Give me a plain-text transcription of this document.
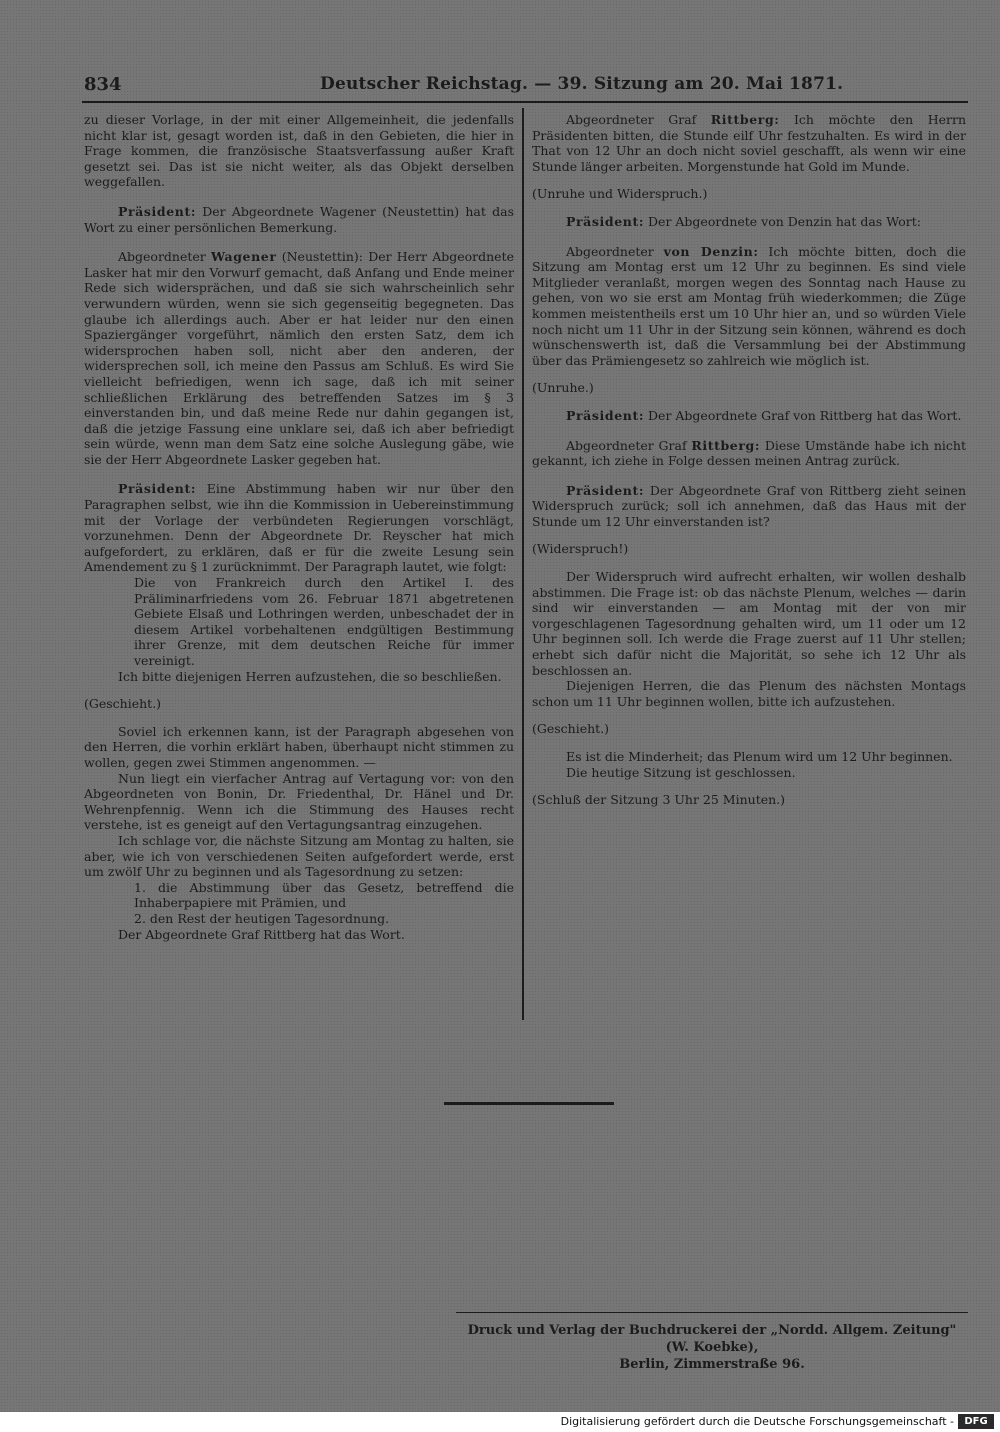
834	Deutscher Reichstag. — 39. Sitzung am 20. Mai 1871.

zu dieser Vorlage, in der mit einer Allgemeinheit, die jedenfalls nicht klar ist, gesagt worden ist, daß in den Gebieten, die hier in Frage kommen, die französische Staatsverfassung außer Kraft gesetzt sei. Das ist sie nicht weiter, als das Objekt derselben weggefallen.

Präsident: Der Abgeordnete Wagener (Neustettin) hat das Wort zu einer persönlichen Bemerkung.

Abgeordneter Wagener (Neustettin): Der Herr Abgeordnete Lasker hat mir den Vorwurf gemacht, daß Anfang und Ende meiner Rede sich widersprächen, und daß sie sich wahrscheinlich sehr verwundern würden, wenn sie sich gegenseitig begegneten. Das glaube ich allerdings auch. Aber er hat leider nur den einen Spaziergänger vorgeführt, nämlich den ersten Satz, dem ich widersprochen haben soll, nicht aber den anderen, der widersprechen soll, ich meine den Passus am Schluß. Es wird Sie vielleicht befriedigen, wenn ich sage, daß ich mit seiner schließlichen Erklärung des betreffenden Satzes im § 3 einverstanden bin, und daß meine Rede nur dahin gegangen ist, daß die jetzige Fassung eine unklare sei, daß ich aber befriedigt sein würde, wenn man dem Satz eine solche Auslegung gäbe, wie sie der Herr Abgeordnete Lasker gegeben hat.

Präsident: Eine Abstimmung haben wir nur über den Paragraphen selbst, wie ihn die Kommission in Uebereinstimmung mit der Vorlage der verbündeten Regierungen vorschlägt, vorzunehmen. Denn der Abgeordnete Dr. Reyscher hat mich aufgefordert, zu erklären, daß er für die zweite Lesung sein Amendement zu § 1 zurücknimmt. Der Paragraph lautet, wie folgt:

Die von Frankreich durch den Artikel I. des Präliminarfriedens vom 26. Februar 1871 abgetretenen Gebiete Elsaß und Lothringen werden, unbeschadet der in diesem Artikel vorbehaltenen endgültigen Bestimmung ihrer Grenze, mit dem deutschen Reiche für immer vereinigt.

Ich bitte diejenigen Herren aufzustehen, die so beschließen.

(Geschieht.)

Soviel ich erkennen kann, ist der Paragraph abgesehen von den Herren, die vorhin erklärt haben, überhaupt nicht stimmen zu wollen, gegen zwei Stimmen angenommen. —

Nun liegt ein vierfacher Antrag auf Vertagung vor: von den Abgeordneten von Bonin, Dr. Friedenthal, Dr. Hänel und Dr. Wehrenpfennig. Wenn ich die Stimmung des Hauses recht verstehe, ist es geneigt auf den Vertagungsantrag einzugehen.

Ich schlage vor, die nächste Sitzung am Montag zu halten, sie aber, wie ich von verschiedenen Seiten aufgefordert werde, erst um zwölf Uhr zu beginnen und als Tagesordnung zu setzen:

1. die Abstimmung über das Gesetz, betreffend die Inhaberpapiere mit Prämien, und

2. den Rest der heutigen Tagesordnung.

Der Abgeordnete Graf Rittberg hat das Wort.

Abgeordneter Graf Rittberg: Ich möchte den Herrn Präsidenten bitten, die Stunde eilf Uhr festzuhalten. Es wird in der That von 12 Uhr an doch nicht soviel geschafft, als wenn wir eine Stunde länger arbeiten. Morgenstunde hat Gold im Munde.

(Unruhe und Widerspruch.)

Präsident: Der Abgeordnete von Denzin hat das Wort:

Abgeordneter von Denzin: Ich möchte bitten, doch die Sitzung am Montag erst um 12 Uhr zu beginnen. Es sind viele Mitglieder veranlaßt, morgen wegen des Sonntag nach Hause zu gehen, von wo sie erst am Montag früh wiederkommen; die Züge kommen meistentheils erst um 10 Uhr hier an, und so würden Viele noch nicht um 11 Uhr in der Sitzung sein können, während es doch wünschenswerth ist, daß die Versammlung bei der Abstimmung über das Prämiengesetz so zahlreich wie möglich ist.

(Unruhe.)

Präsident: Der Abgeordnete Graf von Rittberg hat das Wort.

Abgeordneter Graf Rittberg: Diese Umstände habe ich nicht gekannt, ich ziehe in Folge dessen meinen Antrag zurück.

Präsident: Der Abgeordnete Graf von Rittberg zieht seinen Widerspruch zurück; soll ich annehmen, daß das Haus mit der Stunde um 12 Uhr einverstanden ist?

(Widerspruch!)

Der Widerspruch wird aufrecht erhalten, wir wollen deshalb abstimmen. Die Frage ist: ob das nächste Plenum, welches — darin sind wir einverstanden — am Montag mit der von mir vorgeschlagenen Tagesordnung gehalten wird, um 11 oder um 12 Uhr beginnen soll. Ich werde die Frage zuerst auf 11 Uhr stellen; erhebt sich dafür nicht die Majorität, so sehe ich 12 Uhr als beschlossen an.

Diejenigen Herren, die das Plenum des nächsten Montags schon um 11 Uhr beginnen wollen, bitte ich aufzustehen.

(Geschieht.)

Es ist die Minderheit; das Plenum wird um 12 Uhr beginnen.

Die heutige Sitzung ist geschlossen.

(Schluß der Sitzung 3 Uhr 25 Minuten.)

Druck und Verlag der Buchdruckerei der „Nordd. Allgem. Zeitung" (W. Koebke),
Berlin, Zimmerstraße 96.
Digitalisierung gefördert durch die Deutsche Forschungsgemeinschaft -	DFG
